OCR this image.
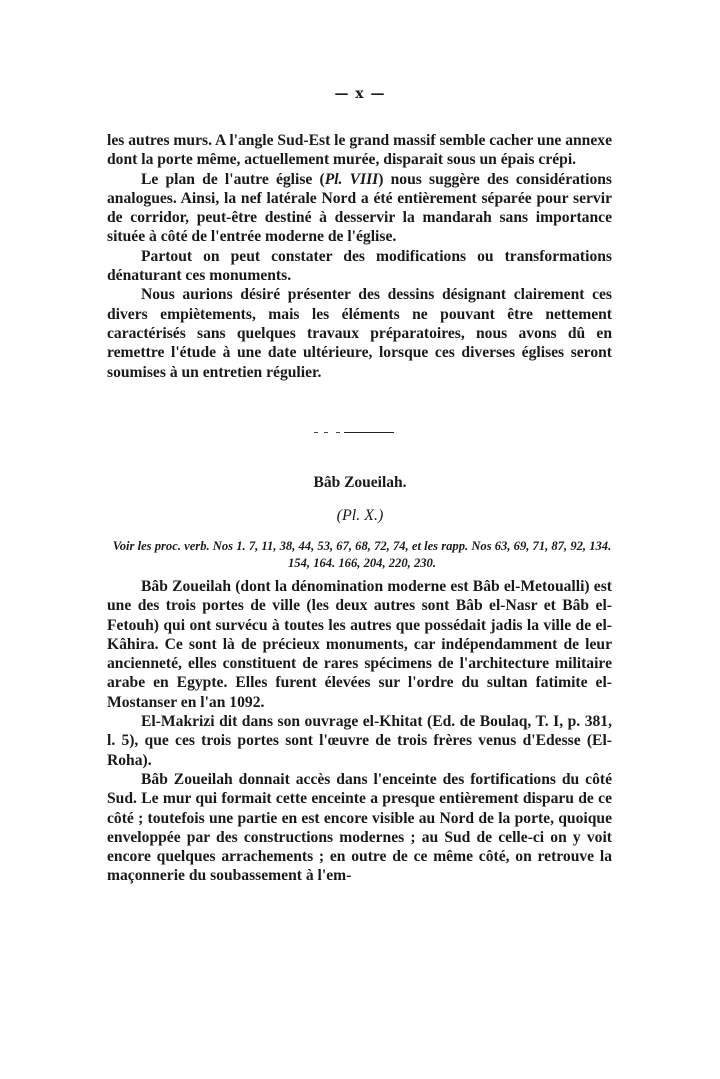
— x —

les autres murs. A l'angle Sud-Est le grand massif semble cacher une annexe dont la porte même, actuellement murée, disparait sous un épais crépi.

Le plan de l'autre église (Pl. VIII) nous suggère des considérations analogues. Ainsi, la nef latérale Nord a été entièrement séparée pour servir de corridor, peut-être destiné à desservir la mandarah sans importance située à côté de l'entrée moderne de l'église.

Partout on peut constater des modifications ou transformations dénaturant ces monuments.

Nous aurions désiré présenter des dessins désignant clairement ces divers empiètements, mais les éléments ne pouvant être nettement caractérisés sans quelques travaux préparatoires, nous avons dû en remettre l'étude à une date ultérieure, lorsque ces diverses églises seront soumises à un entretien régulier.

Bâb Zoueilah.
(Pl. X.)
Voir les proc. verb. Nos 1. 7, 11, 38, 44, 53, 67, 68, 72, 74, et les rapp. Nos 63, 69, 71, 87, 92, 134. 154, 164. 166, 204, 220, 230.

Bâb Zoueilah (dont la dénomination moderne est Bâb el-Metoualli) est une des trois portes de ville (les deux autres sont Bâb el-Nasr et Bâb el-Fetouh) qui ont survécu à toutes les autres que possédait jadis la ville de el-Kâhira. Ce sont là de précieux monuments, car indépendamment de leur ancienneté, elles constituent de rares spécimens de l'architecture militaire arabe en Egypte. Elles furent élevées sur l'ordre du sultan fatimite el-Mostanser en l'an 1092.

El-Makrizi dit dans son ouvrage el-Khitat (Ed. de Boulaq, T. I, p. 381, l. 5), que ces trois portes sont l'œuvre de trois frères venus d'Edesse (El-Roha).

Bâb Zoueilah donnait accès dans l'enceinte des fortifications du côté Sud. Le mur qui formait cette enceinte a presque entièrement disparu de ce côté ; toutefois une partie en est encore visible au Nord de la porte, quoique enveloppée par des constructions modernes ; au Sud de celle-ci on y voit encore quelques arrachements ; en outre de ce même côté, on retrouve la maçonnerie du soubassement à l'em-
